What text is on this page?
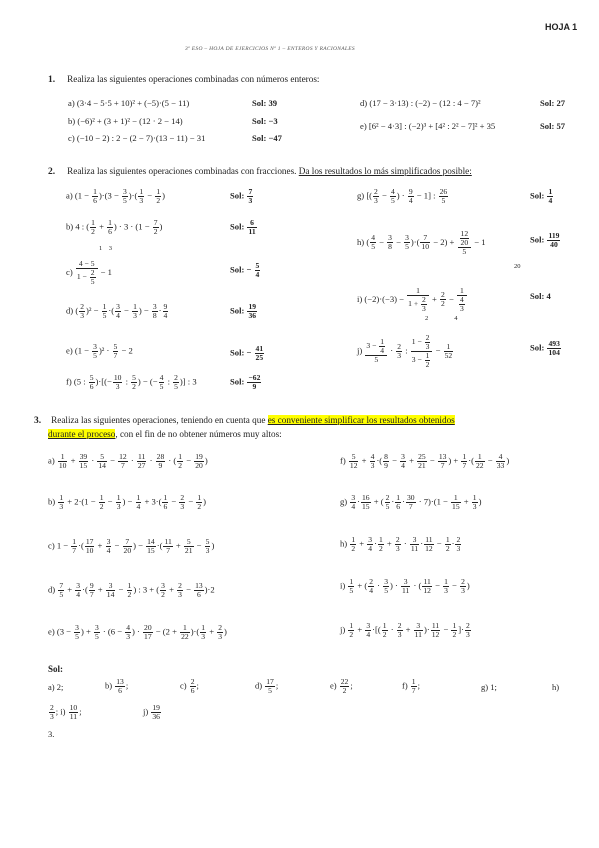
HOJA 1
3º ESO – HOJA DE EJERCICIOS Nº 1 – ENTEROS Y RACIONALES
1. Realiza las siguientes operaciones combinadas con números enteros:
a) (3·4 − 5·5 + 10)² + (−5)·(5 − 11)	Sol: 39
b) (−6)² + (3 + 1)² − (12 · 2 − 14)	Sol: −3
c) (−10 − 2) : 2 − (2 − 7)·(13 − 11) − 31	Sol: −47
d) (17 − 3·13) : (−2) − (12 : 4 − 7)²	Sol: 27
e) [6² − 4·3] : (−2)³ + [4² : 2² − 7]² + 35	Sol: 57
2. Realiza las siguientes operaciones combinadas con fracciones. Da los resultados lo más simplificados posible:
a) $(1 - \frac{1}{6} )\cdot(3 - \frac{3}{5}$ )·( $\frac{1}{3} - \frac{1}{2}$ )	Sol: $\frac{7}{3}$
b) 4 : ( $\frac{1}{2} + \frac{1}{6}$ ) · $3 \cdot (1 - \frac{7}{2}$ )
1    3
Sol: $\frac{6}{11}$
$c) \frac{4 - 5}{1 - \frac{2}{5}} - 1$	Sol: − $\frac{5}{4}$
d) ( $\frac{2}{3} )^2 - \frac{1}{5}$ ·( $\frac{3}{4} - \frac{1}{3}$ ) − $\frac{3}{8} \cdot \frac{9}{4}$	Sol: $\frac{19}{36}$
e) $(1 - \frac{3}{5} )^2 \cdot \frac{5}{7} - 2$	Sol: − $\frac{41}{25}$
f) (5 : $\frac{5}{6}$ )·[(− $\frac{10}{3}$ : $\frac{5}{2}$ ) − (− $\frac{4}{5}$ : $\frac{2}{5}$ )] : 3	Sol: $\frac{-62}{9}$
g) [( $\frac{2}{3} - \frac{4}{5}$ ) · $\frac{9}{4} - 1$] : $\frac{26}{5}$	Sol: $\frac{1}{4}$
h) ( $\frac{4}{5} - \frac{3}{8} - \frac{3}{5}$ )·( $\frac{7}{10} - 2) + \frac{\frac{12}{20}}{5} - 1$
20
Sol: $\frac{119}{40}$
i) $(-2)\cdot(-3) - \frac{1}{1 + \frac{2}{3}} + \frac{2}{2} - \frac{1}{\frac{4}{3}}$
2                4
Sol: 4
$j) \frac{3 - \frac{1}{4}}{5} \cdot \frac{2}{3}$ : $\frac{1 - \frac{2}{3}}{3 - \frac{1}{2}} - \frac{1}{52}$	Sol: $\frac{493}{104}$
3. Realiza las siguientes operaciones, teniendo en cuenta que es conveniente simplificar los resultados obtenidos
durante el proceso, con el fin de no obtener números muy altos:
$a) \frac{1}{10} + \frac{39}{15} \cdot \frac{5}{14} - \frac{12}{7} \cdot \frac{11}{27} \cdot \frac{28}{9}$ · ( $\frac{1}{2} - \frac{19}{20}$ )
$b) \frac{1}{3} + 2\cdot(1 - \frac{1}{2} - \frac{1}{3}$ ) − $\frac{1}{4} + 3\cdot( \frac{1}{6} - \frac{2}{3} - \frac{1}{2}$ )
c) $1 - \frac{1}{7}$ ·( $\frac{17}{10} + \frac{3}{4} - \frac{7}{20}$ ) − $\frac{14}{15}$ ·( $\frac{11}{7} + \frac{5}{21} - \frac{5}{3}$ )
$d) \frac{7}{5} + \frac{3}{4}$ ·( $\frac{9}{7} + \frac{3}{14} - \frac{1}{2}$ ) : 3 + ( $\frac{3}{2} + \frac{2}{3} - \frac{13}{6} )\cdot 2$
e) ($3 - \frac{3}{5}$ ) + $\frac{3}{5} \cdot (6 - \frac{4}{3}$ ) · $\frac{20}{17} - (2 + \frac{1}{22}$ )·( $\frac{1}{3} + \frac{2}{3}$ )
$f) \frac{5}{12} + \frac{4}{3}$ ·( $\frac{8}{9} - \frac{3}{4} + \frac{25}{21} - \frac{13}{7}$ ) + $\frac{1}{7}$ ·( $\frac{1}{22} - \frac{4}{33}$ )
$g) \frac{3}{4} \cdot \frac{16}{15}$ + ( $\frac{2}{5} \cdot \frac{1}{6} \cdot \frac{30}{7} \cdot 7)\cdot(1 - \frac{1}{15} + \frac{1}{3}$ )
$h) \frac{1}{2} + \frac{3}{4} \cdot \frac{1}{2} + \frac{2}{3} \cdot \frac{3}{11} \cdot \frac{11}{12} - \frac{1}{2} \cdot \frac{2}{3}$
$i) \frac{1}{5}$ + ( $\frac{2}{4} \cdot \frac{3}{5}$ ) · $\frac{3}{11}$ · ( $\frac{11}{12} - \frac{1}{3} - \frac{2}{3}$ )
$j) \frac{1}{2} + \frac{3}{4}$ ·[( $\frac{1}{2} \cdot \frac{2}{3} + \frac{3}{11}$ )· $\frac{11}{12} - \frac{1}{2}$ ]· $\frac{2}{3}$
Sol:
a) 2;	$b) \frac{13}{6}$ ;	$c) \frac{2}{6}$ ;	$d) \frac{17}{5}$ ;	$e) \frac{22}{2}$ ;	$f) \frac{1}{7}$ ;	g) 1;	h)
$\frac{2}{3}$ ; $i) \frac{10}{11}$ ;	$j) \frac{19}{36}$
3.
